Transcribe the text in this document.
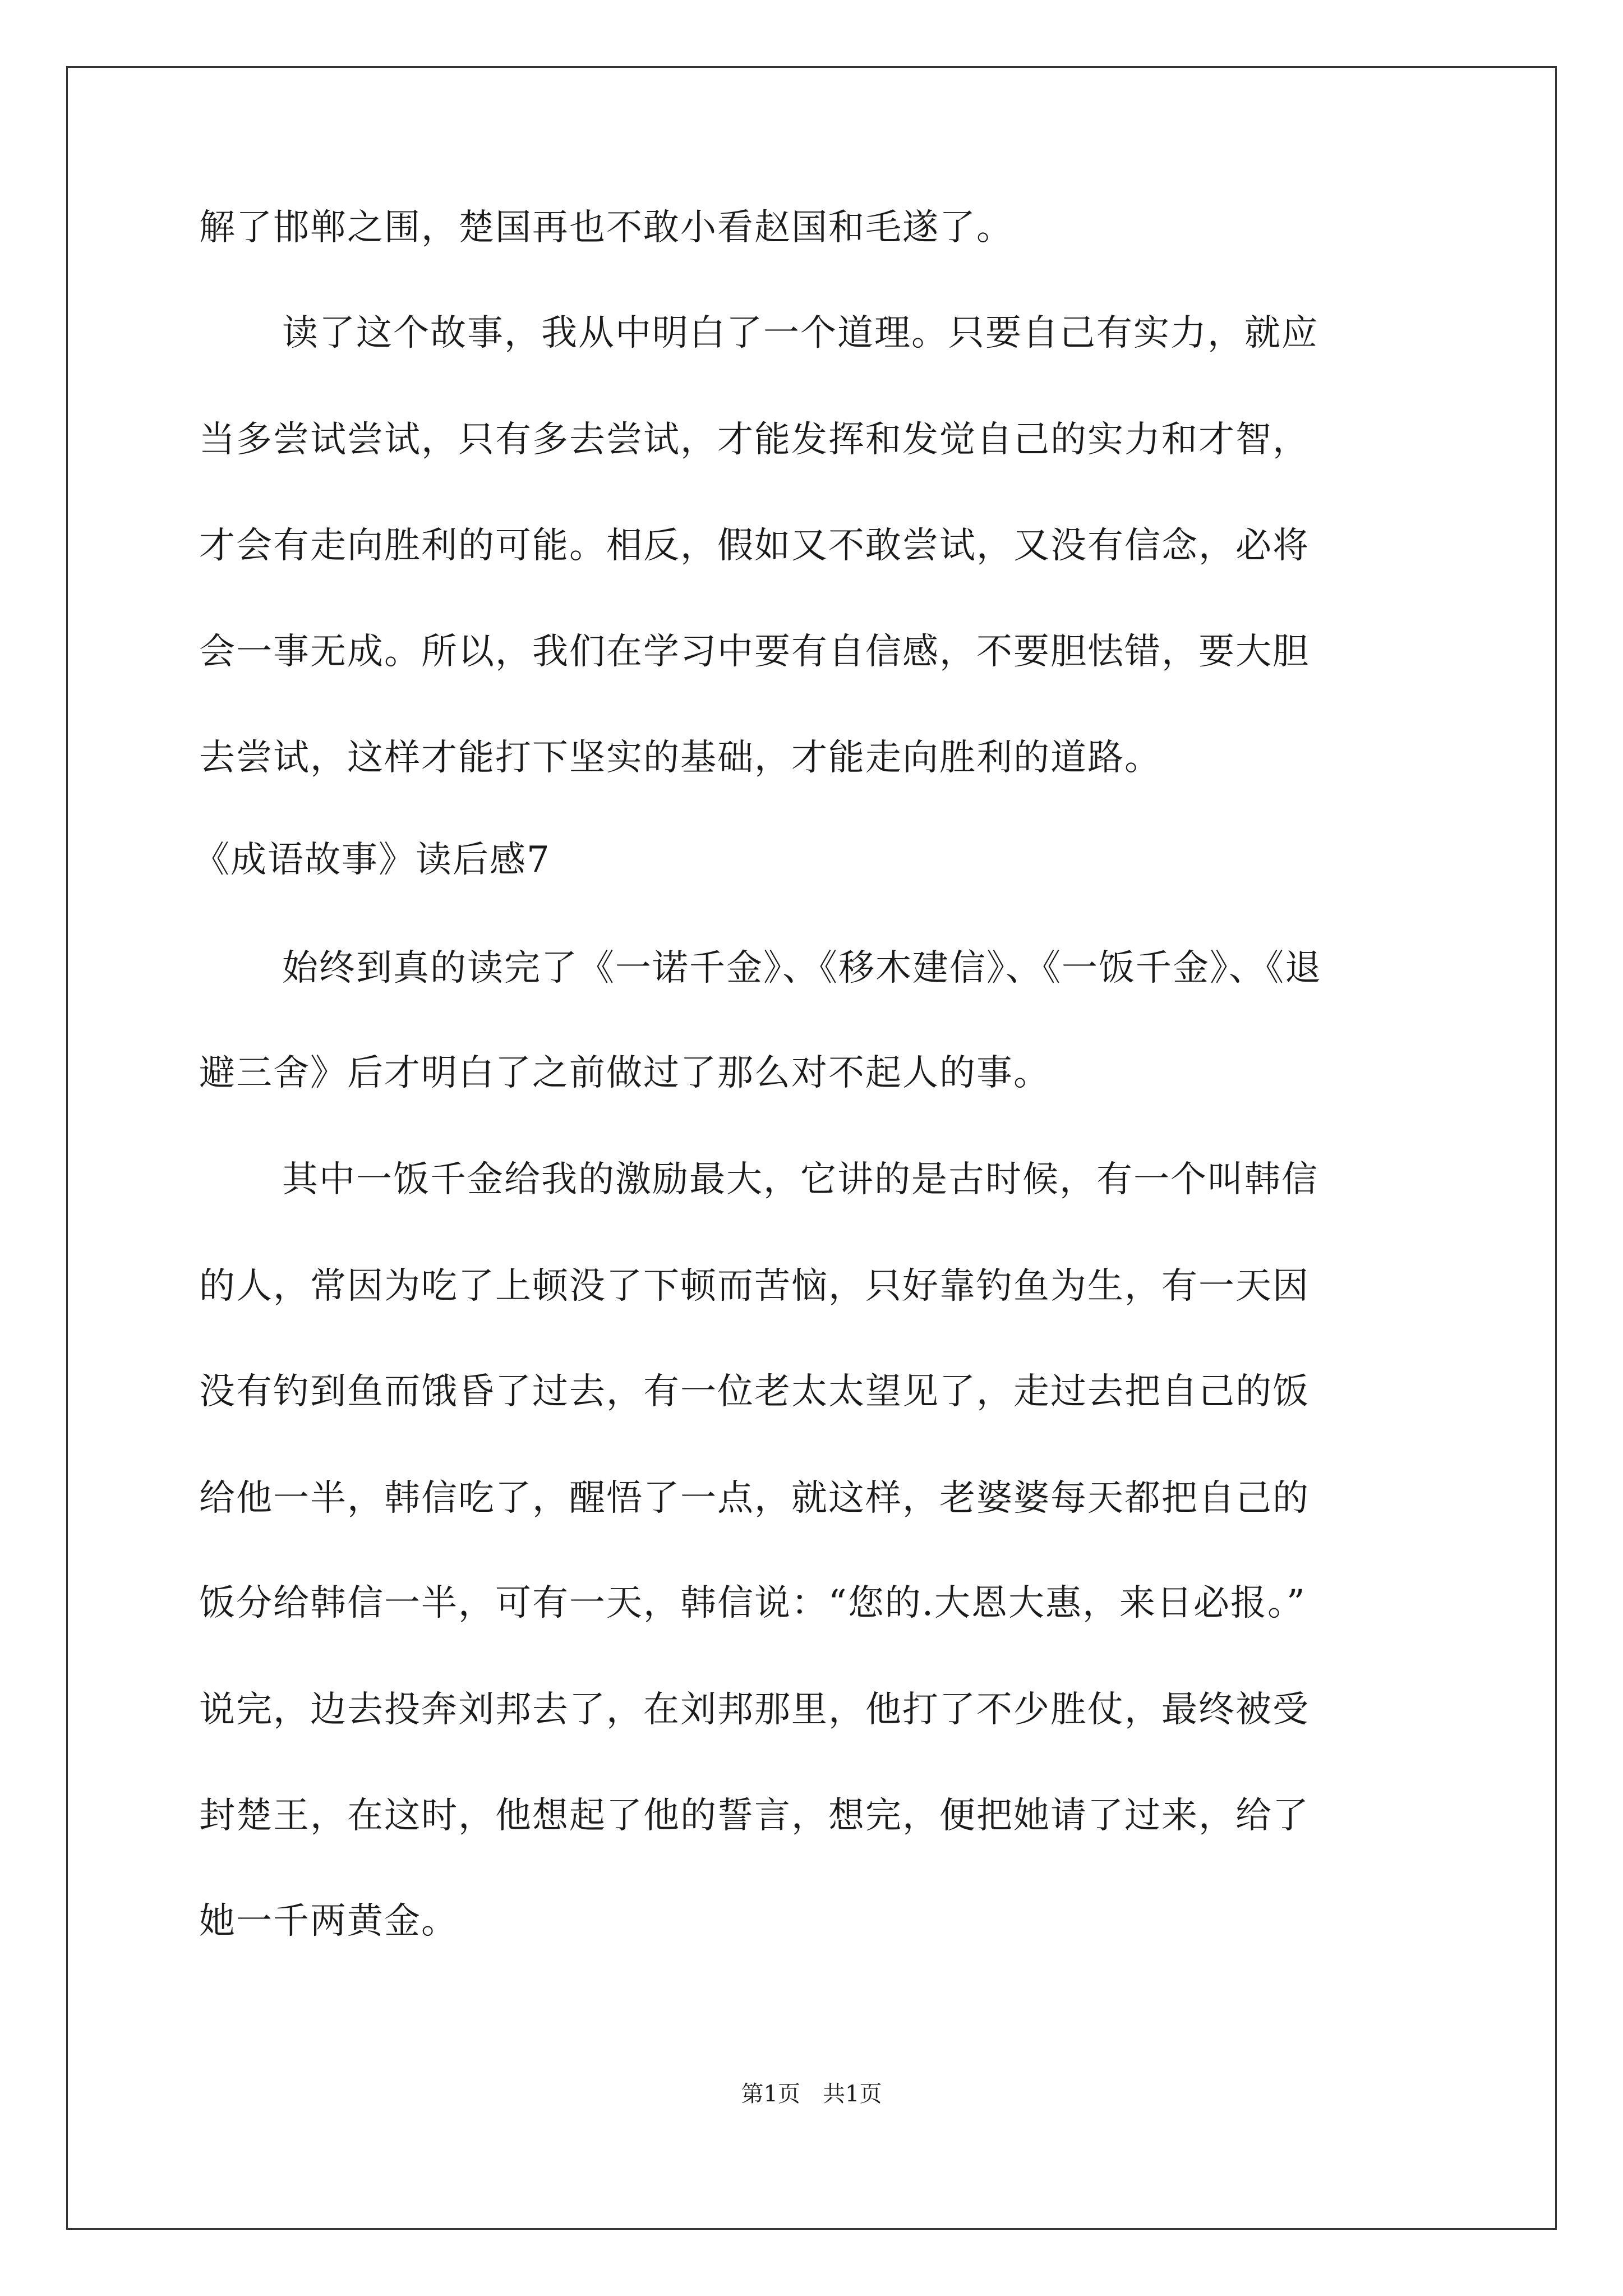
解了邯郸之围，楚国再也不敢小看赵国和毛遂了。
读了这个故事，我从中明白了一个道理。只要自己有实力，就应
当多尝试尝试，只有多去尝试，才能发挥和发觉自己的实力和才智，
才会有走向胜利的可能。相反，假如又不敢尝试，又没有信念，必将
会一事无成。所以，我们在学习中要有自信感，不要胆怯错，要大胆
去尝试，这样才能打下坚实的基础，才能走向胜利的道路。
《成语故事》读后感7
始终到真的读完了《一诺千金》、《移木建信》、《一饭千金》、《退
避三舍》后才明白了之前做过了那么对不起人的事。
其中一饭千金给我的激励最大，它讲的是古时候，有一个叫韩信
的人，常因为吃了上顿没了下顿而苦恼，只好靠钓鱼为生，有一天因
没有钓到鱼而饿昏了过去，有一位老太太望见了，走过去把自己的饭
给他一半，韩信吃了，醒悟了一点，就这样，老婆婆每天都把自己的
饭分给韩信一半，可有一天，韩信说：“您的.大恩大惠，来日必报。”
说完，边去投奔刘邦去了，在刘邦那里，他打了不少胜仗，最终被受
封楚王，在这时，他想起了他的誓言，想完，便把她请了过来，给了
她一千两黄金。
第1页　共1页
